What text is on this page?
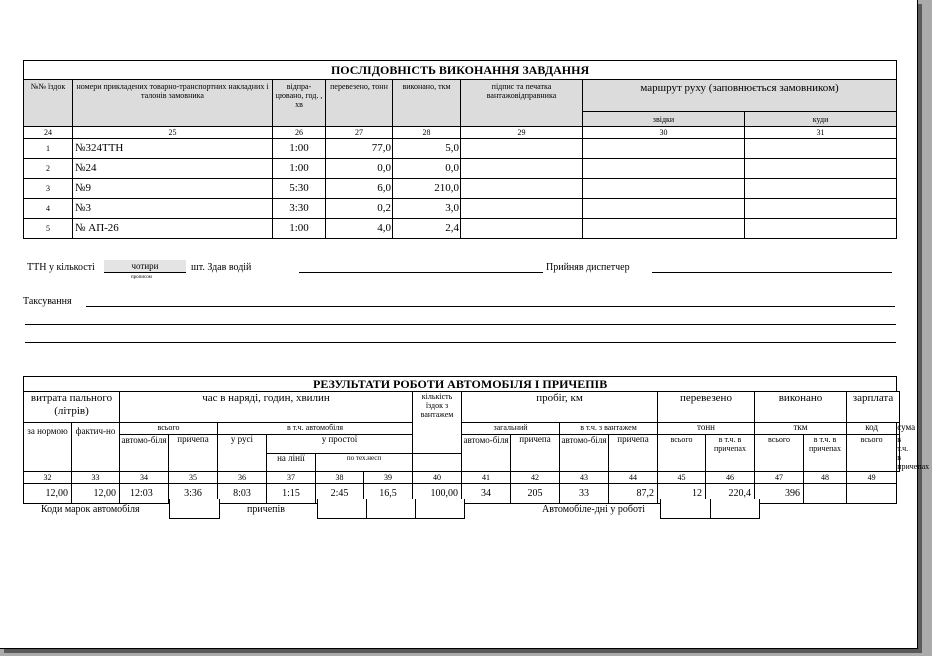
ПОСЛІДОВНІСТЬ ВИКОНАННЯ ЗАВДАННЯ							
№№ їздок	номери прикладених товарно-транспортних накладних і талонів замовника	відпра-цювано, год. , хв	перевезено, тонн	виконано, ткм	підпис та печатка вантажовідправника	маршрут руху (заповнюється замовником)	
						звідки	куди
24	25	26	27	28	29	30	31
1	№324ТТН	1:00	77,0	5,0			
2	№24	1:00	0,0	0,0			
3	№9	5:30	6,0	210,0			
4	№3	3:30	0,2	3,0			
5	№ АП-26	1:00	4,0	2,4			
ТТН у кількості	чотири
прописом
шт. Здав водій	Прийняв диспетчер
Таксування
РЕЗУЛЬТАТИ РОБОТИ АВТОМОБІЛЯ І ПРИЧЕПІВ																		
витрата пального (літрів)		час в наряді, годин, хвилин						кількість їздок з вантажем	пробіг, км				перевезено		виконано		зарплата	
за нормою	фактич-но	всього		в т.ч. автомобіля					загальний		в т.ч. з вантажем		тонн		ткм		код	сума
		автомо-біля	причепа	у русі	у простої				автомо-біля	причепа	автомо-біля	причепа	всього	в т.ч. в причепах	всього	в т.ч. в причепах	всього	в т.ч. в причепах
					на лінії	по тех.несп												
32	33	34	35	36	37	38	39	40	41	42	43	44	45	46	47	48	49	
12,00	12,00	12:03	3:36	8:03	1:15	2:45	16,5	100,00	34	205	33	87,2	12	220,4	396			
Коди марок автомобіля	причепів	Автомобіле-дні у роботі
